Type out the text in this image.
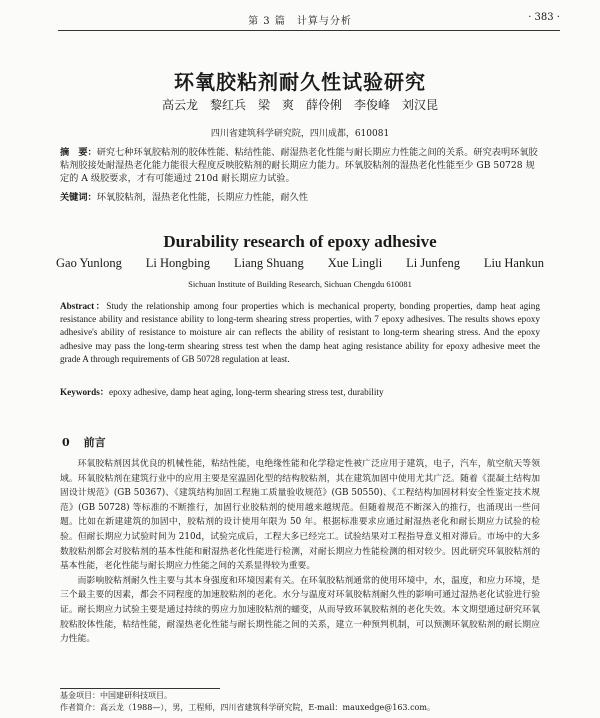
第 3 篇　计算与分析	· 383 ·
环氧胶粘剂耐久性试验研究
高云龙　黎红兵　梁　爽　薛伶俐　李俊峰　刘汉昆
四川省建筑科学研究院，四川成都，610081
摘　要：研究七种环氧胶粘剂的胶体性能、粘结性能、耐湿热老化性能与耐长期应力性能之间的关系。研究表明环氧胶粘剂胶接处耐湿热老化能力能很大程度反映胶粘剂的耐长期应力能力。环氧胶粘剂的湿热老化性能至少 GB 50728 规定的 A 级胶要求，才有可能通过 210d 耐长期应力试验。
关键词：环氧胶粘剂，湿热老化性能，长期应力性能，耐久性
Durability research of epoxy adhesive
Gao Yunlong Li Hongbing Liang Shuang Xue Lingli Li Junfeng Liu Hankun
Sichuan Institute of Building Research, Sichuan Chengdu 610081
Abstract：Study the relationship among four properties which is mechanical property, bonding properties, damp heat aging resistance ability and resistance ability to long-term shearing stress properties, with 7 epoxy adhesives. The results shows epoxy adhesive's ability of resistance to moisture air can reflects the ability of resistant to long-term shearing stress. And the epoxy adhesive may pass the long-term shearing stress test when the damp heat aging resistance ability for epoxy adhesive meet the grade A through requirements of GB 50728 regulation at least.
Keywords：epoxy adhesive, damp heat aging, long-term shearing stress test, durability
0 前言

环氧胶粘剂因其优良的机械性能，粘结性能，电绝缘性能和化学稳定性被广泛应用于建筑，电子，汽车，航空航天等领域。环氧胶粘剂在建筑行业中的应用主要是室温固化型的结构胶粘剂，其在建筑加固中使用尤其广泛。随着《混凝土结构加固设计规范》(GB 50367)、《建筑结构加固工程施工质量验收规范》(GB 50550)、《工程结构加固材料安全性鉴定技术规范》(GB 50728) 等标准的不断推行，加固行业胶粘剂的使用越来越规范。但随着规范不断深入的推行，也涌现出一些问题。比如在新建建筑的加固中，胶粘剂的设计使用年限为 50 年。根据标准要求应通过耐湿热老化和耐长期应力试验的检验。但耐长期应力试验时间为 210d，试验完成后，工程大多已经完工。试验结果对工程指导意义相对滞后。市场中的大多数胶粘剂都会对胶粘剂的基本性能和耐湿热老化性能进行检测，对耐长期应力性能检测的相对较少。因此研究环氧胶粘剂的基本性能，老化性能与耐长期应力性能之间的关系显得较为重要。

而影响胶粘剂耐久性主要与其本身强度和环境因素有关。在环氧胶粘剂通常的使用环境中，水，温度，和应力环境，是三个最主要的因素，都会不同程度的加速胶粘剂的老化。水分与温度对环氧胶粘剂耐久性的影响可通过湿热老化试验进行验证。耐长期应力试验主要是通过持续的剪应力加速胶粘剂的蠕变，从而导致环氧胶粘剂的老化失效。本文期望通过研究环氧胶粘胶体性能，粘结性能，耐湿热老化性能与耐长期性能之间的关系，建立一种预判机制，可以预测环氧胶粘剂的耐长期应力性能。

基金项目：中国建研科技项目。
作者简介：高云龙（1988—），男，工程师，四川省建筑科学研究院，E-mail：mauxedge@163.com。
